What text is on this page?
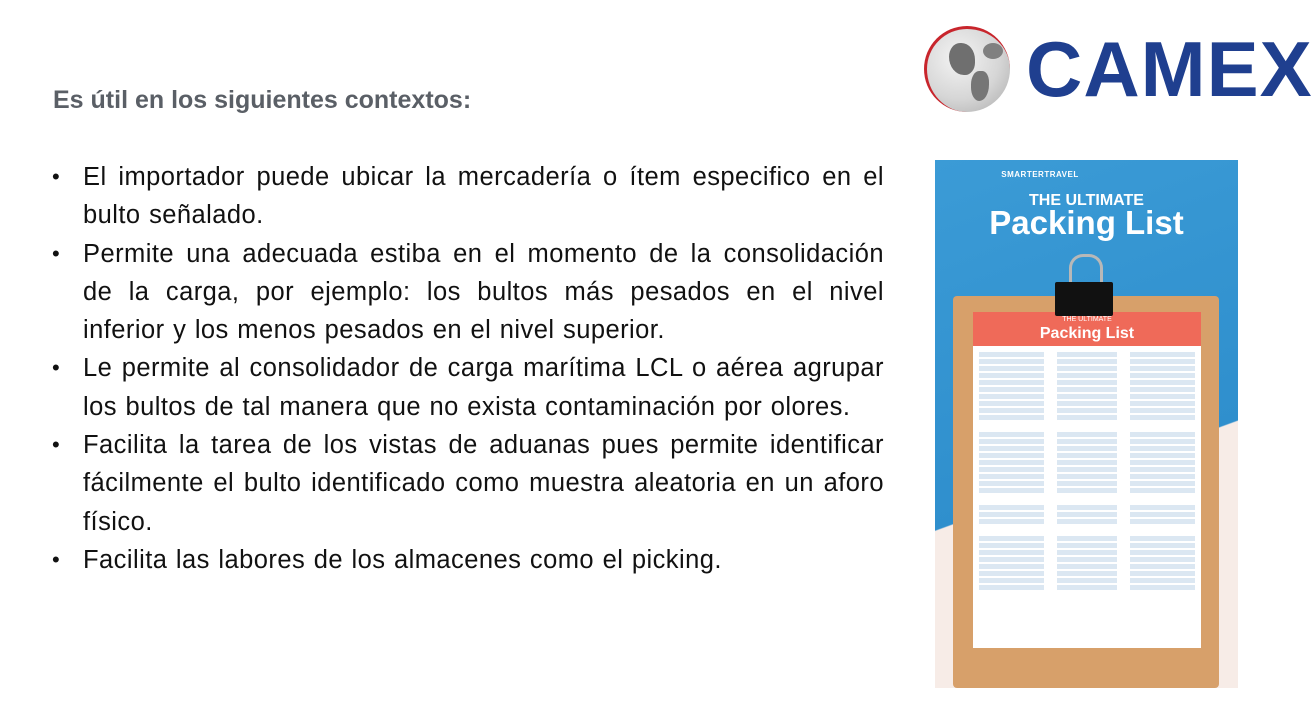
Es útil en los siguientes contextos:
• El importador puede ubicar la mercadería o ítem especifico en el bulto señalado.
• Permite una adecuada estiba en el momento de la consolidación de la carga, por ejemplo: los bultos más pesados en el nivel inferior y los menos pesados en el nivel superior.
• Le permite al consolidador de carga marítima LCL o aérea agrupar los bultos de tal manera que no exista contaminación por olores.
• Facilita la tarea de los vistas de aduanas pues permite identificar fácilmente el bulto identificado como muestra aleatoria en un aforo físico.
• Facilita las labores de los almacenes como el picking.
CAMEX
SMARTERTRAVEL
THE ULTIMATE
Packing List
THE ULTIMATE
Packing List
